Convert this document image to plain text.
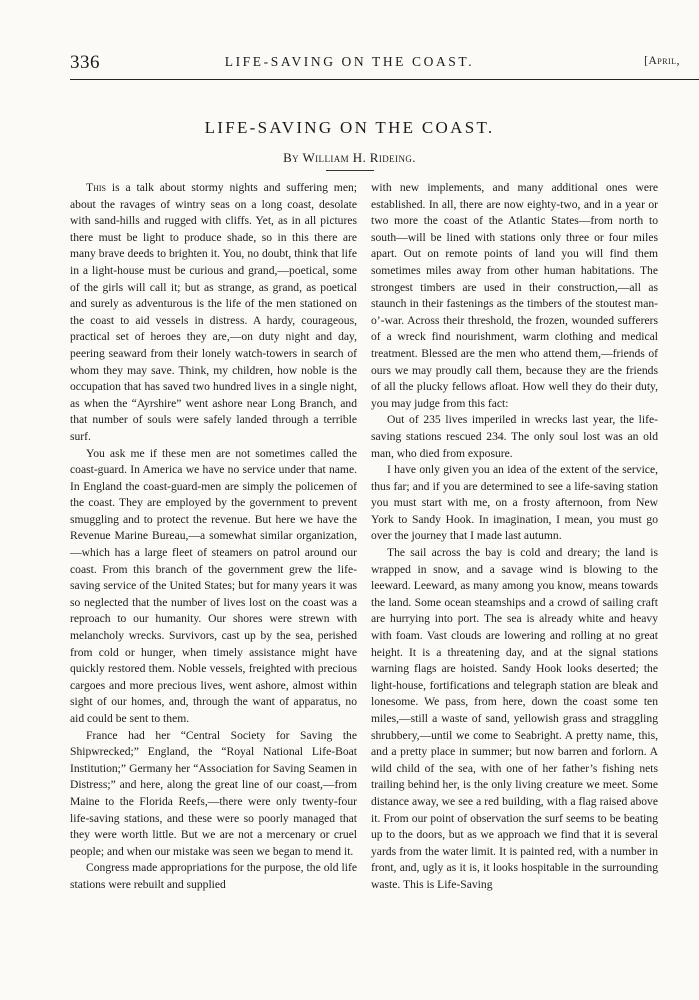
336	LIFE-SAVING ON THE COAST.	[April,
LIFE-SAVING ON THE COAST.
By William H. Rideing.

This is a talk about stormy nights and suffering men; about the ravages of wintry seas on a long coast, desolate with sand-hills and rugged with cliffs. Yet, as in all pictures there must be light to produce shade, so in this there are many brave deeds to brighten it. You, no doubt, think that life in a light-house must be curious and grand,—poetical, some of the girls will call it; but as strange, as grand, as poetical and surely as adventurous is the life of the men stationed on the coast to aid vessels in distress. A hardy, courageous, practical set of heroes they are,—on duty night and day, peering seaward from their lonely watch-towers in search of whom they may save. Think, my children, how noble is the occupation that has saved two hundred lives in a single night, as when the “Ayrshire” went ashore near Long Branch, and that number of souls were safely landed through a terrible surf.

You ask me if these men are not sometimes called the coast-guard. In America we have no service under that name. In England the coast-guard-men are simply the policemen of the coast. They are employed by the government to prevent smuggling and to protect the revenue. But here we have the Revenue Marine Bureau,—a somewhat similar organization,—which has a large fleet of steamers on patrol around our coast. From this branch of the government grew the life-saving service of the United States; but for many years it was so neglected that the number of lives lost on the coast was a reproach to our humanity. Our shores were strewn with melancholy wrecks. Survivors, cast up by the sea, perished from cold or hunger, when timely assistance might have quickly restored them. Noble vessels, freighted with precious cargoes and more precious lives, went ashore, almost within sight of our homes, and, through the want of apparatus, no aid could be sent to them.

France had her “Central Society for Saving the Shipwrecked;” England, the “Royal National Life-Boat Institution;” Germany her “Association for Saving Seamen in Distress;” and here, along the great line of our coast,—from Maine to the Florida Reefs,—there were only twenty-four life-saving stations, and these were so poorly managed that they were worth little. But we are not a mercenary or cruel people; and when our mistake was seen we began to mend it.

Congress made appropriations for the purpose, the old life stations were rebuilt and supplied

with new implements, and many additional ones were established. In all, there are now eighty-two, and in a year or two more the coast of the Atlantic States—from north to south—will be lined with stations only three or four miles apart. Out on remote points of land you will find them sometimes miles away from other human habitations. The strongest timbers are used in their construction,—all as staunch in their fastenings as the timbers of the stoutest man-o’-war. Across their threshold, the frozen, wounded sufferers of a wreck find nourishment, warm clothing and medical treatment. Blessed are the men who attend them,—friends of ours we may proudly call them, because they are the friends of all the plucky fellows afloat. How well they do their duty, you may judge from this fact:

Out of 235 lives imperiled in wrecks last year, the life-saving stations rescued 234. The only soul lost was an old man, who died from exposure.

I have only given you an idea of the extent of the service, thus far; and if you are determined to see a life-saving station you must start with me, on a frosty afternoon, from New York to Sandy Hook. In imagination, I mean, you must go over the journey that I made last autumn.

The sail across the bay is cold and dreary; the land is wrapped in snow, and a savage wind is blowing to the leeward. Leeward, as many among you know, means towards the land. Some ocean steamships and a crowd of sailing craft are hurrying into port. The sea is already white and heavy with foam. Vast clouds are lowering and rolling at no great height. It is a threatening day, and at the signal stations warning flags are hoisted. Sandy Hook looks deserted; the light-house, fortifications and telegraph station are bleak and lonesome. We pass, from here, down the coast some ten miles,—still a waste of sand, yellowish grass and straggling shrubbery,—until we come to Seabright. A pretty name, this, and a pretty place in summer; but now barren and forlorn. A wild child of the sea, with one of her father’s fishing nets trailing behind her, is the only living creature we meet. Some distance away, we see a red building, with a flag raised above it. From our point of observation the surf seems to be beating up to the doors, but as we approach we find that it is several yards from the water limit. It is painted red, with a number in front, and, ugly as it is, it looks hospitable in the surrounding waste. This is Life-Saving
